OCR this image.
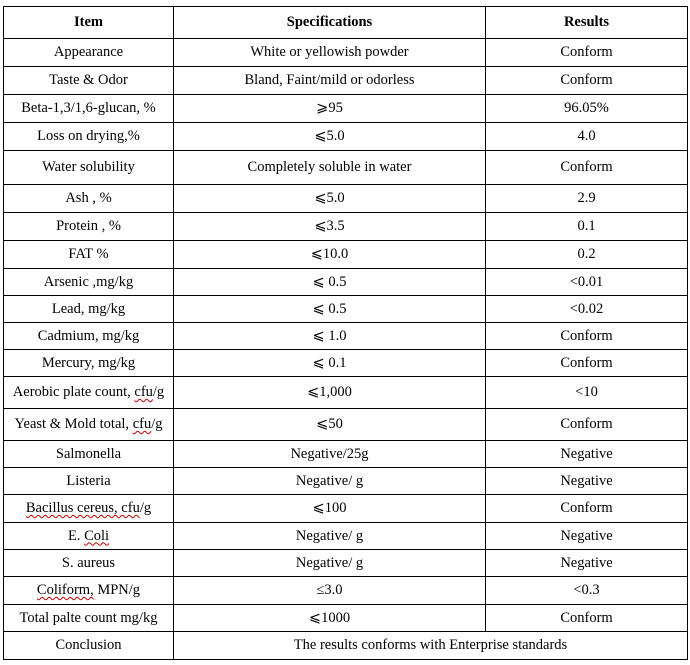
Item	Specifications	Results
Appearance	White or yellowish powder	Conform
Taste & Odor	Bland, Faint/mild or odorless	Conform
Beta-1,3/1,6-glucan, %	⩾95	96.05%
Loss on drying,%	⩽5.0	4.0
Water solubility	Completely soluble in water	Conform
Ash , %	⩽5.0	2.9
Protein , %	⩽3.5	0.1
FAT %	⩽10.0	0.2
Arsenic ,mg/kg	⩽ 0.5	<0.01
Lead, mg/kg	⩽ 0.5	<0.02
Cadmium, mg/kg	⩽ 1.0	Conform
Mercury, mg/kg	⩽ 0.1	Conform
Aerobic plate count, cfu/g	⩽1,000	<10
Yeast & Mold total, cfu/g	⩽50	Conform
Salmonella	Negative/25g	Negative
Listeria	Negative/ g	Negative
Bacillus cereus, cfu/g	⩽100	Conform
E. Coli	Negative/ g	Negative
S. aureus	Negative/ g	Negative
Coliform, MPN/g	≤3.0	<0.3
Total palte count mg/kg	⩽1000	Conform
Conclusion	The results conforms with Enterprise standards	
